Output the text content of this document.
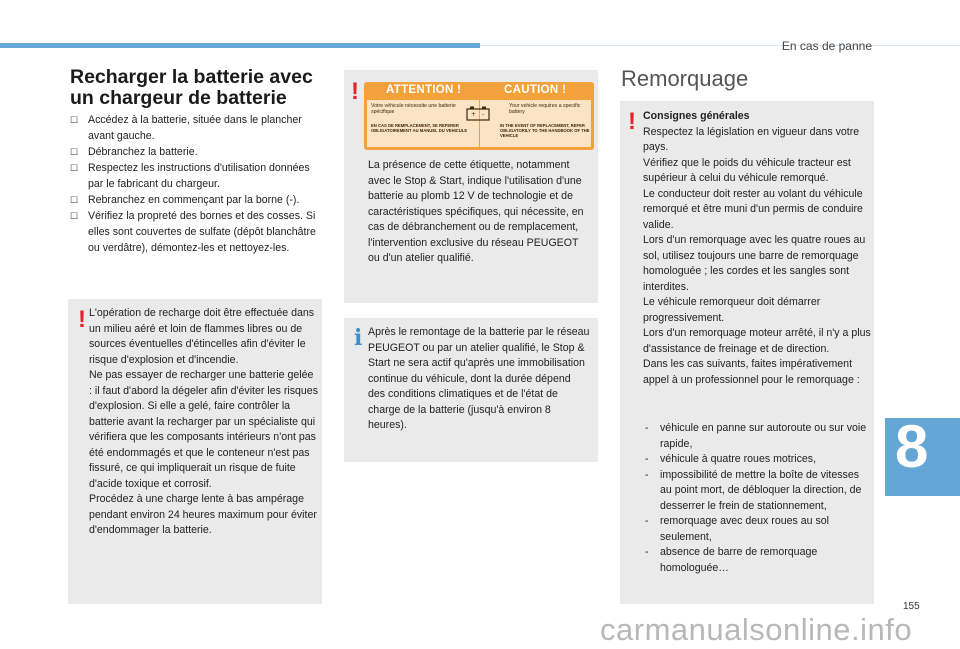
En cas de panne
8
155
Recharger la batterie avec un chargeur de batterie
☐ Accédez à la batterie, située dans le plancher avant gauche.
☐ Débranchez la batterie.
☐ Respectez les instructions d'utilisation données par le fabricant du chargeur.
☐ Rebranchez en commençant par la borne (-).
☐ Vérifiez la propreté des bornes et des cosses. Si elles sont couvertes de sulfate (dépôt blanchâtre ou verdâtre), démontez-les et nettoyez-les.
! L'opération de recharge doit être effectuée dans un milieu aéré et loin de flammes libres ou de sources éventuelles d'étincelles afin d'éviter le risque d'explosion et d'incendie.

Ne pas essayer de recharger une batterie gelée : il faut d'abord la dégeler afin d'éviter les risques d'explosion. Si elle a gelé, faire contrôler la batterie avant la recharger par un spécialiste qui vérifiera que les composants intérieurs n'ont pas été endommagés et que le conteneur n'est pas fissuré, ce qui impliquerait un risque de fuite d'acide toxique et corrosif.

Procédez à une charge lente à bas ampérage pendant environ 24 heures maximum pour éviter d'endommager la batterie.

! ATTENTION !	CAUTION !
Votre véhicule nécessite une batterie spécifique
Your vehicle requires a specific battery
+ -
EN CAS DE REMPLACEMENT, SE REFERER OBLIGATOIREMENT AU MANUEL DU VEHICULE
IN THE EVENT OF REPLACEMENT, REFER OBLIGATORILY TO THE HANDBOOK OF THE VEHICLE
La présence de cette étiquette, notamment avec le Stop & Start, indique l'utilisation d'une batterie au plomb 12 V de technologie et de caractéristiques spécifiques, qui nécessite, en cas de débranchement ou de remplacement, l'intervention exclusive du réseau PEUGEOT ou d'un atelier qualifié.
i Après le remontage de la batterie par le réseau PEUGEOT ou par un atelier qualifié, le Stop & Start ne sera actif qu'après une immobilisation continue du véhicule, dont la durée dépend des conditions climatiques et de l'état de charge de la batterie (jusqu'à environ 8 heures).
Remorquage
! Consignes générales

Respectez la législation en vigueur dans votre pays.

Vérifiez que le poids du véhicule tracteur est supérieur à celui du véhicule remorqué.

Le conducteur doit rester au volant du véhicule remorqué et être muni d'un permis de conduire valide.

Lors d'un remorquage avec les quatre roues au sol, utilisez toujours une barre de remorquage homologuée ; les cordes et les sangles sont interdites.

Le véhicule remorqueur doit démarrer progressivement.

Lors d'un remorquage moteur arrêté, il n'y a plus d'assistance de freinage et de direction.

Dans les cas suivants, faites impérativement appel à un professionnel pour le remorquage :

- véhicule en panne sur autoroute ou sur voie rapide,
- véhicule à quatre roues motrices,
- impossibilité de mettre la boîte de vitesses au point mort, de débloquer la direction, de desserrer le frein de stationnement,
- remorquage avec deux roues au sol seulement,
- absence de barre de remorquage homologuée…
carmanualsonline.info
